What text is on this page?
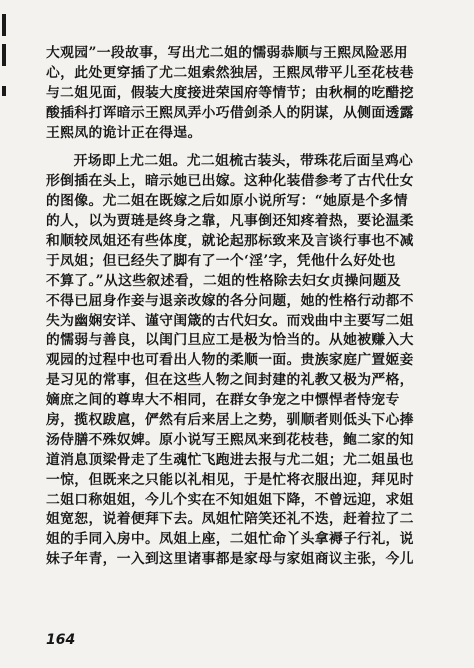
大观园”一段故事，写出尤二姐的懦弱恭顺与王熙凤险恶用
心，此处更穿插了尤二姐索然独居，王熙凤带平儿至花枝巷
与二姐见面，假装大度接进荣国府等情节；由秋桐的吃醋挖
酸插科打诨暗示王熙凤弄小巧借剑杀人的阴谋，从侧面透露
王熙凤的诡计正在得逞。
开场即上尤二姐。尤二姐梳古装头，带珠花后面呈鸡心
形倒插在头上，暗示她已出嫁。这种化装借参考了古代仕女
的图像。尤二姐在既嫁之后如原小说所写：“她原是个多情
的人，以为贾琏是终身之靠，凡事倒还知疼着热，要论温柔
和顺较凤姐还有些体度，就论起那标致来及言谈行事也不减
于凤姐；但已经失了脚有了一个‘淫’字，凭他什么好处也
不算了。”从这些叙述看，二姐的性格除去妇女贞操问题及
不得已屈身作妾与退亲改嫁的各分问题，她的性格行动都不
失为幽娴安详、谨守闺箴的古代妇女。而戏曲中主要写二姐
的懦弱与善良，以闺门旦应工是极为恰当的。从她被赚入大
观园的过程中也可看出人物的柔顺一面。贵族家庭广置姬妾
是习见的常事，但在这些人物之间封建的礼教又极为严格，
嫡庶之间的尊卑大不相同，在群女争宠之中慓悍者恃宠专
房，揽权跋扈，俨然有后来居上之势，驯顺者则低头下心捧
汤侍膳不殊奴婢。原小说写王熙凤来到花枝巷，鲍二家的知
道消息顶梁骨走了生魂忙飞跑进去报与尤二姐；尤二姐虽也
一惊，但既来之只能以礼相见，于是忙将衣服出迎，拜见时
二姐口称姐姐，今儿个实在不知姐姐下降，不曾远迎，求姐
姐宽恕，说着便拜下去。凤姐忙陪笑还礼不迭，赶着拉了二
姐的手同入房中。凤姐上座，二姐忙命丫头拿褥子行礼，说
妹子年青，一入到这里诸事都是家母与家姐商议主张，今儿
164
